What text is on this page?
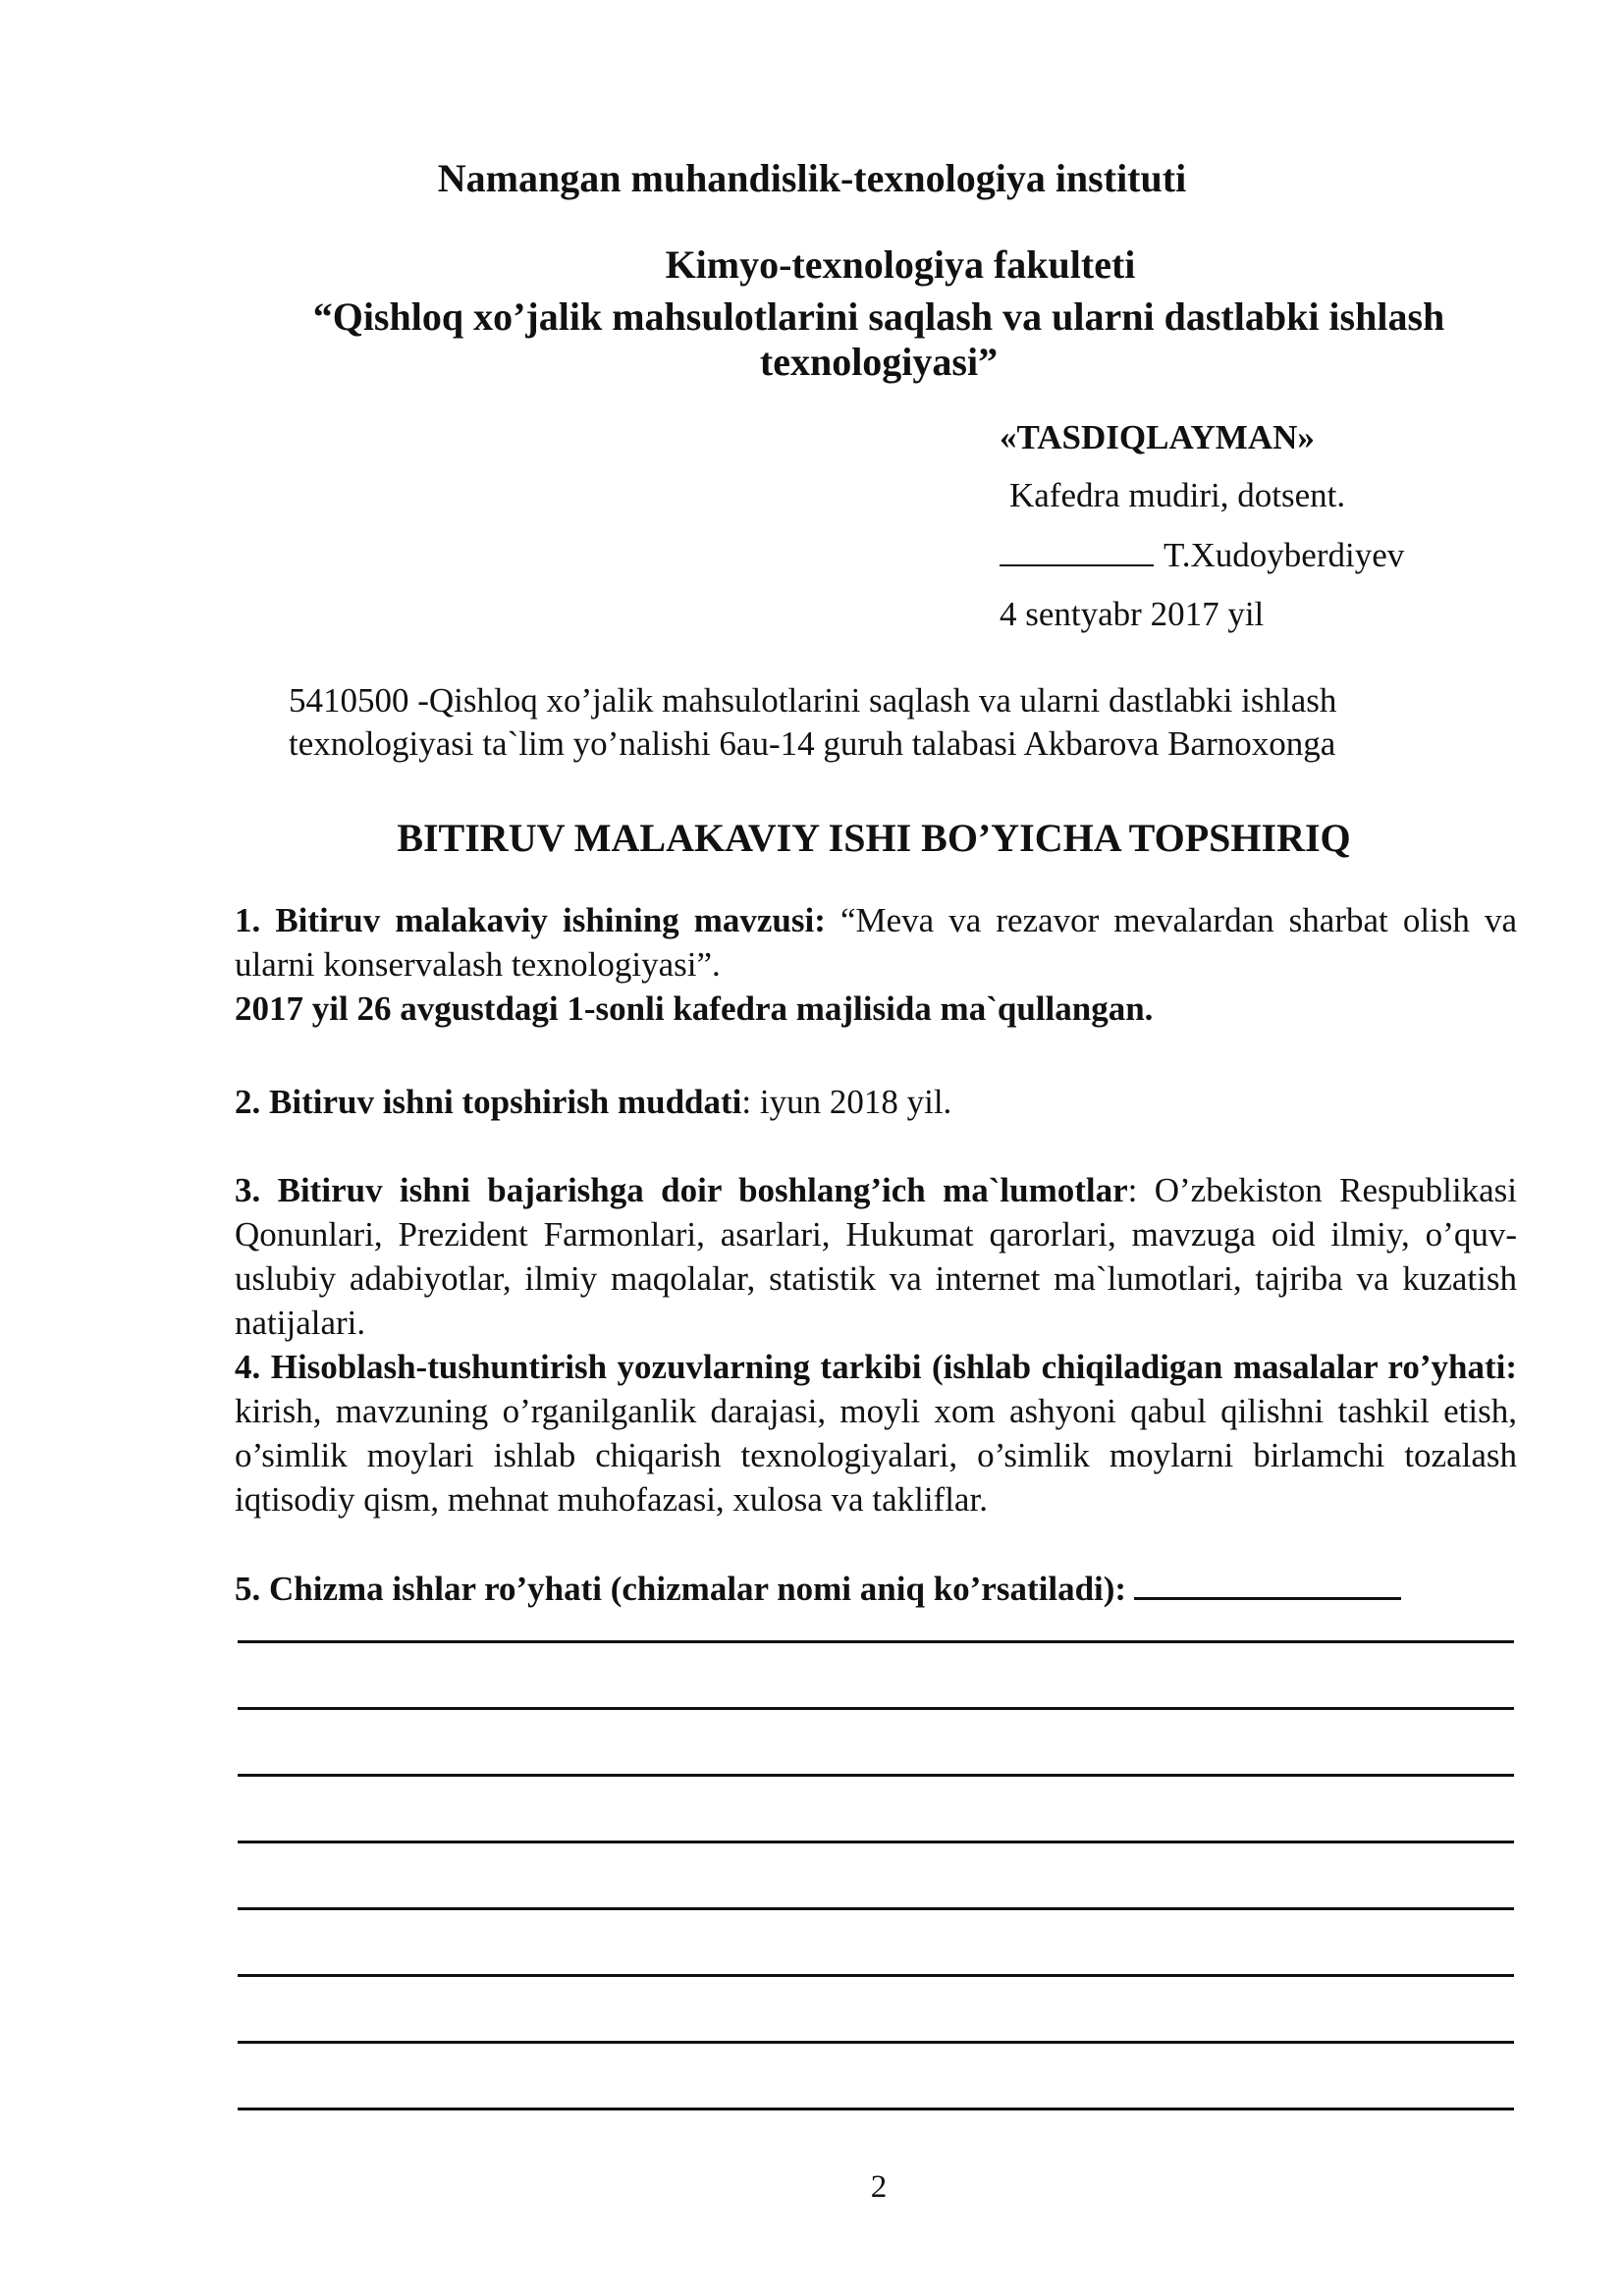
Namangan muhandislik-texnologiya instituti
Kimyo-texnologiya fakulteti
“Qishloq xo’jalik mahsulotlarini saqlash va ularni dastlabki ishlash
texnologiyasi”
«TASDIQLAYMAN»
Kafedra mudiri, dotsent.
T.Xudoyberdiyev
4 sentyabr 2017 yil
5410500 -Qishloq xo’jalik mahsulotlarini saqlash va ularni dastlabki ishlash
texnologiyasi ta`lim yo’nalishi 6au-14 guruh talabasi Akbarova Barnoxonga
BITIRUV MALAKAVIY ISHI BO’YICHA TOPSHIRIQ
1. Bitiruv malakaviy ishining mavzusi: “Meva va rezavor mevalardan sharbat olish va ularni konservalash texnologiyasi”.
2017 yil 26 avgustdagi 1-sonli kafedra majlisida ma`qullangan.
2. Bitiruv ishni topshirish muddati: iyun 2018 yil.
3. Bitiruv ishni bajarishga doir boshlang’ich ma`lumotlar: O’zbekiston Respublikasi Qonunlari, Prezident Farmonlari, asarlari, Hukumat qarorlari, mavzuga oid ilmiy, o’quv-uslubiy adabiyotlar, ilmiy maqolalar, statistik va internet ma`lumotlari, tajriba va kuzatish natijalari.
4. Hisoblash-tushuntirish yozuvlarning tarkibi (ishlab chiqiladigan masalalar ro’yhati: kirish, mavzuning o’rganilganlik darajasi, moyli xom ashyoni qabul qilishni tashkil etish, o’simlik moylari ishlab chiqarish texnologiyalari, o’simlik moylarni birlamchi tozalash iqtisodiy qism, mehnat muhofazasi, xulosa va takliflar.
5. Chizma ishlar ro’yhati (chizmalar nomi aniq ko’rsatiladi):
2
